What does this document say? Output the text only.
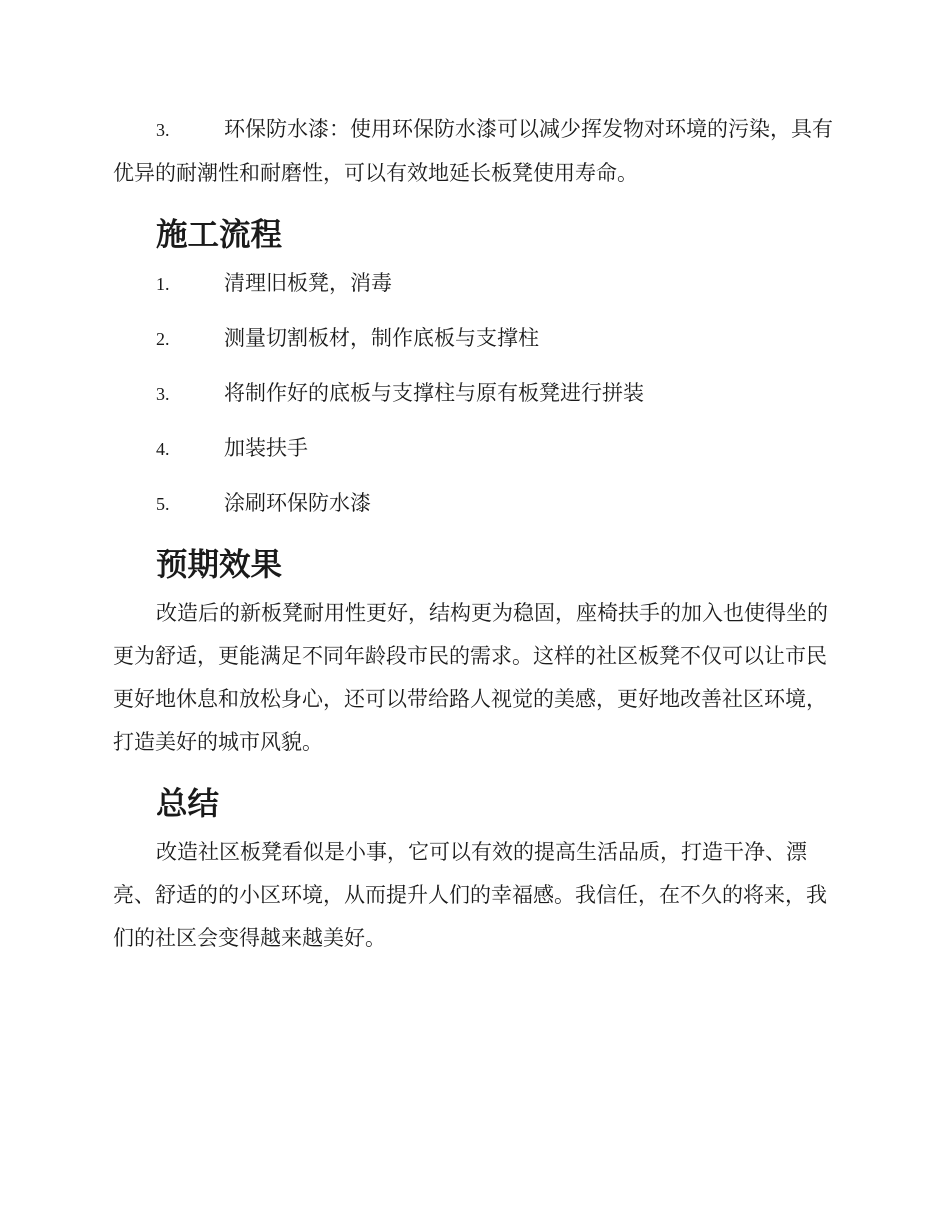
3.	环保防水漆：使用环保防水漆可以减少挥发物对环境的污染，具有优异的耐潮性和耐磨性，可以有效地延长板凳使用寿命。

施工流程
1.	清理旧板凳，消毒
2.	测量切割板材，制作底板与支撑柱
3.	将制作好的底板与支撑柱与原有板凳进行拼装
4.	加装扶手
5.	涂刷环保防水漆
预期效果

改造后的新板凳耐用性更好，结构更为稳固，座椅扶手的加入也使得坐的更为舒适，更能满足不同年龄段市民的需求。这样的社区板凳不仅可以让市民更好地休息和放松身心，还可以带给路人视觉的美感，更好地改善社区环境，打造美好的城市风貌。

总结

改造社区板凳看似是小事，它可以有效的提高生活品质，打造干净、漂亮、舒适的的小区环境，从而提升人们的幸福感。我信任，在不久的将来，我们的社区会变得越来越美好。
